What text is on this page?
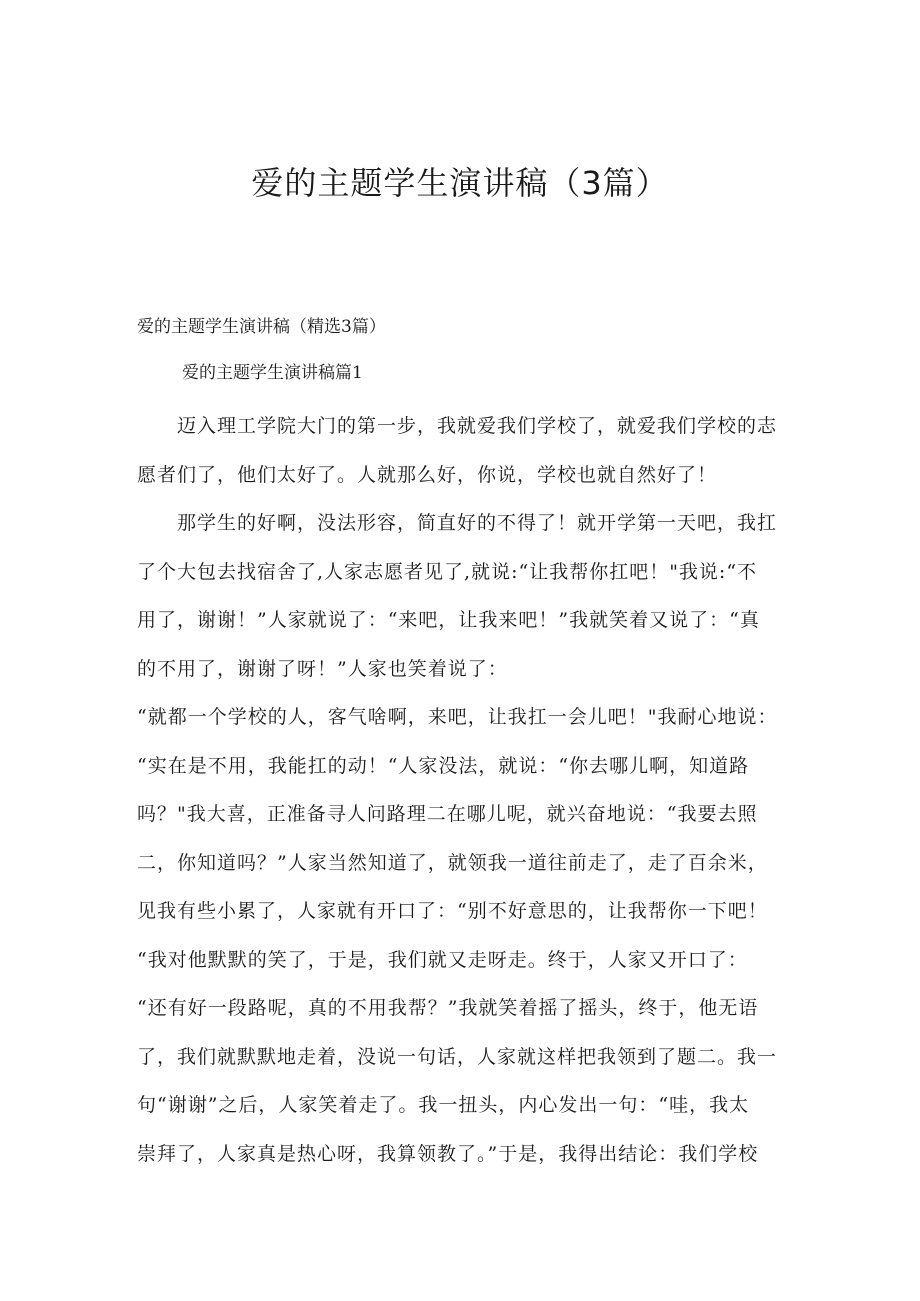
爱的主题学生演讲稿（3篇）
爱的主题学生演讲稿（精选3篇）
爱的主题学生演讲稿篇1
　　迈入理工学院大门的第一步，我就爱我们学校了，就爱我们学校的志
愿者们了，他们太好了。人就那么好，你说，学校也就自然好了！
　　那学生的好啊，没法形容，简直好的不得了！就开学第一天吧，我扛
了个大包去找宿舍了,人家志愿者见了,就说:“让我帮你扛吧！"我说:“不
用了，谢谢！”人家就说了：“来吧，让我来吧！”我就笑着又说了：“真
的不用了，谢谢了呀！”人家也笑着说了：
“就都一个学校的人，客气啥啊，来吧，让我扛一会儿吧！"我耐心地说：
“实在是不用，我能扛的动！“人家没法，就说：“你去哪儿啊，知道路
吗？"我大喜，正准备寻人问路理二在哪儿呢，就兴奋地说：“我要去照
二，你知道吗？”人家当然知道了，就领我一道往前走了，走了百余米，
见我有些小累了，人家就有开口了：“别不好意思的，让我帮你一下吧！
“我对他默默的笑了，于是，我们就又走呀走。终于，人家又开口了：
“还有好一段路呢，真的不用我帮？”我就笑着摇了摇头，终于，他无语
了，我们就默默地走着，没说一句话，人家就这样把我领到了题二。我一
句“谢谢”之后，人家笑着走了。我一扭头，内心发出一句：“哇，我太
崇拜了，人家真是热心呀，我算领教了。”于是，我得出结论：我们学校
